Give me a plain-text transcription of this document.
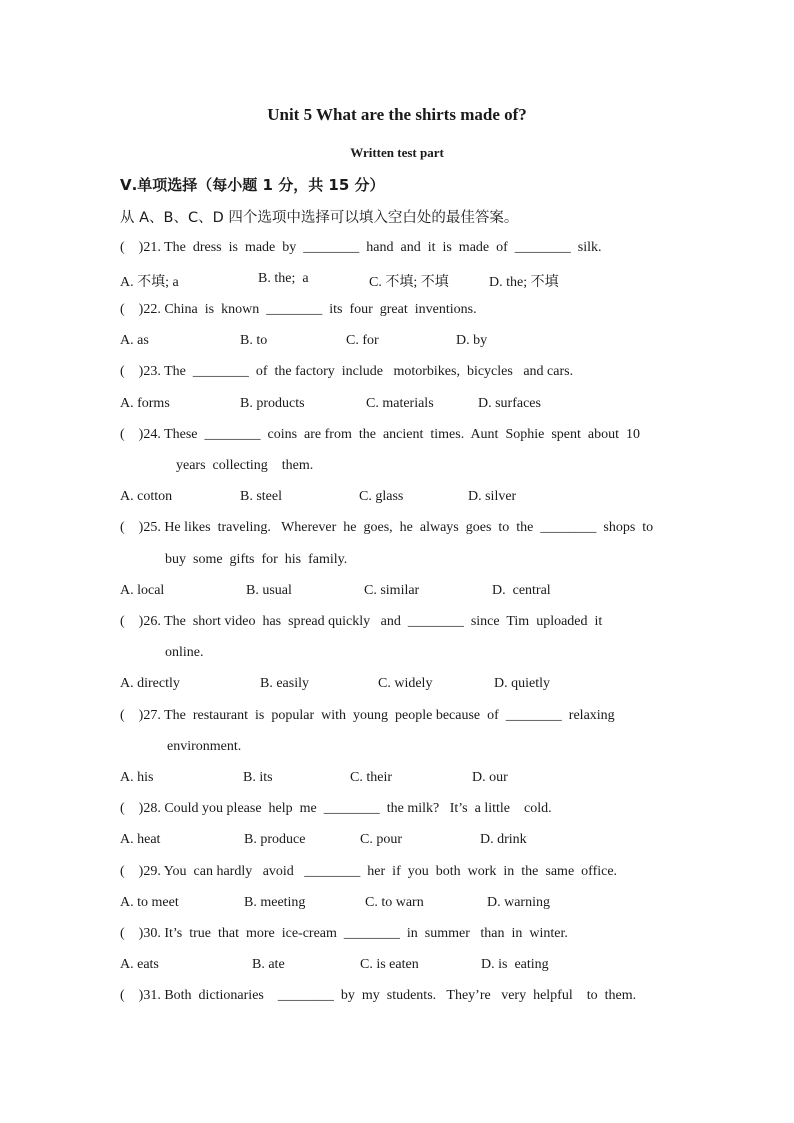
Unit 5 What are the shirts made of?
Written test part
Ⅴ.单项选择（每小题 1 分，共 15 分）
从 A、B、C、D 四个选项中选择可以填入空白处的最佳答案。
(    )21. The  dress  is  made  by  ________  hand  and  it  is  made  of  ________  silk.
A. 不填; a	B. the;  a	C. 不填; 不填	D. the; 不填
(    )22. China  is  known  ________  its  four  great  inventions.
A. as	B. to	C. for	D. by
(    )23. The  ________  of  the factory  include   motorbikes,  bicycles   and cars.
A. forms	B. products	C. materials	D. surfaces
(    )24. These  ________  coins  are from  the  ancient  times.  Aunt  Sophie  spent  about  10
years  collecting    them.
A. cotton	B. steel	C. glass	D. silver
(    )25. He likes  traveling.   Wherever  he  goes,  he  always  goes  to  the  ________  shops  to
buy  some  gifts  for  his  family.
A. local	B. usual	C. similar	D.  central
(    )26. The  short video  has  spread quickly   and  ________  since  Tim  uploaded  it
online.
A. directly	B. easily	C. widely	D. quietly
(    )27. The  restaurant  is  popular  with  young  people because  of  ________  relaxing
environment.
A. his	B. its	C. their	D. our
(    )28. Could you please  help  me  ________  the milk?   It’s  a little    cold.
A. heat	B. produce	C. pour	D. drink
(    )29. You  can hardly   avoid   ________  her  if  you  both  work  in  the  same  office.
A. to meet	B. meeting	C. to warn	D. warning
(    )30. It’s  true  that  more  ice-cream  ________  in  summer   than  in  winter.
A. eats	B. ate	C. is eaten	D. is  eating
(    )31. Both  dictionaries    ________  by  my  students.   They’re   very  helpful    to  them.
